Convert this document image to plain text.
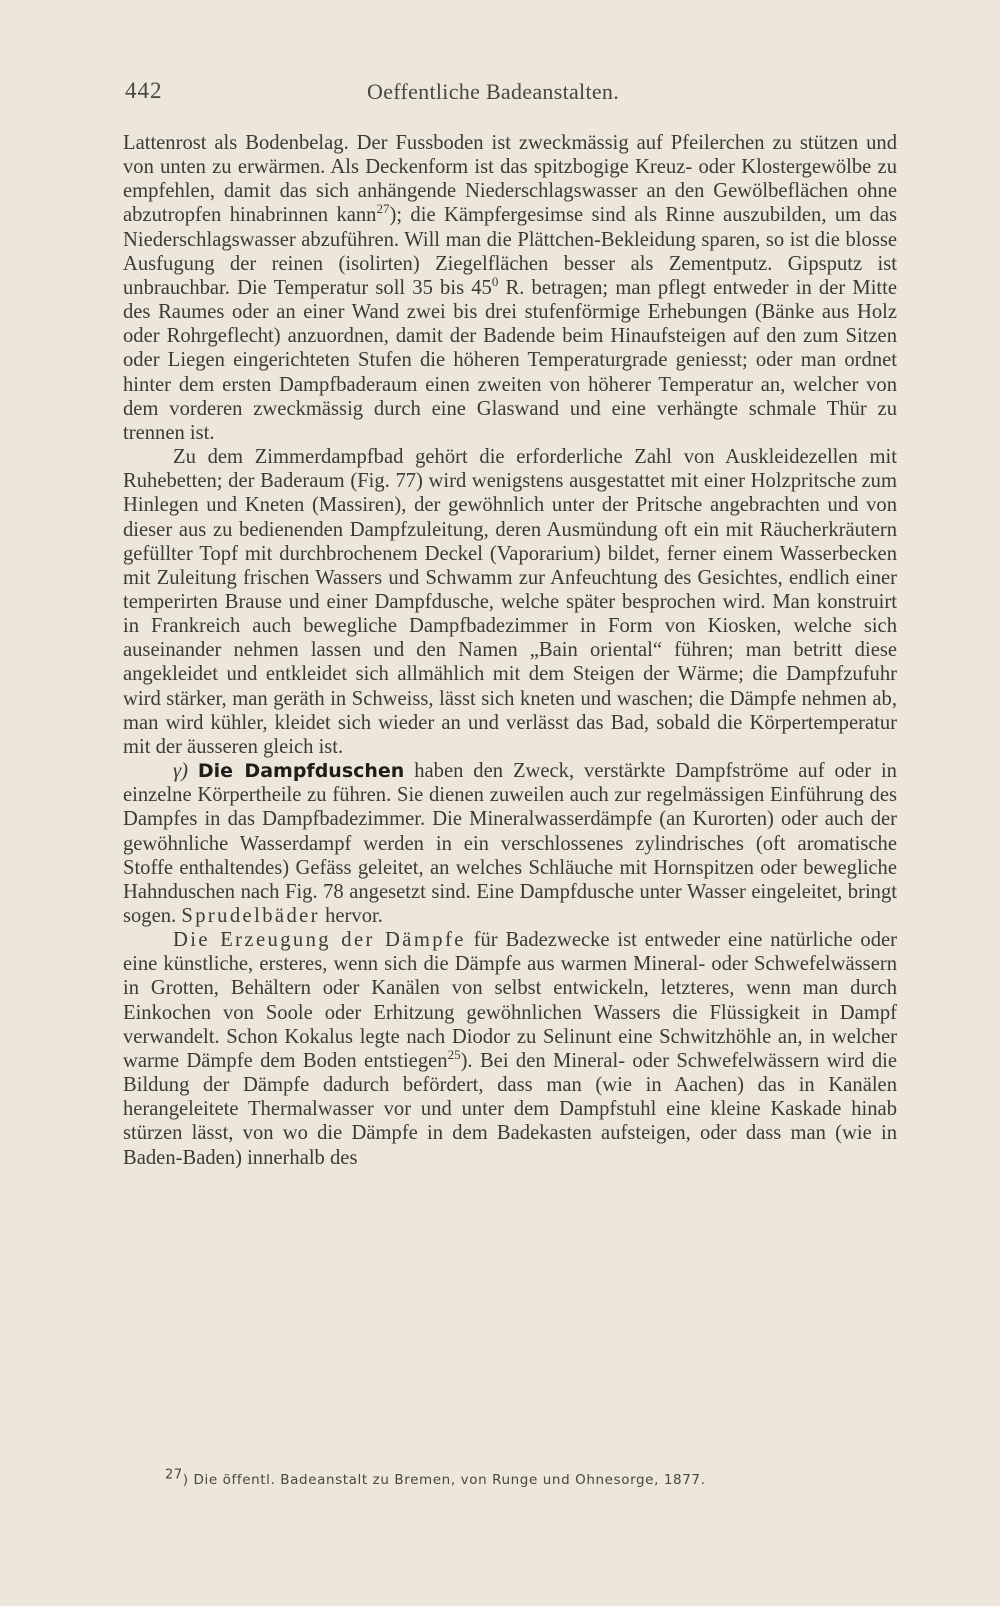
442	Oeffentliche Badeanstalten.

Lattenrost als Bodenbelag. Der Fussboden ist zweckmässig auf Pfeilerchen zu stützen und von unten zu erwärmen. Als Deckenform ist das spitzbogige Kreuz- oder Klostergewölbe zu empfehlen, damit das sich anhängende Niederschlagswasser an den Gewölbeflächen ohne abzutropfen hinabrinnen kann$^{27}$); die Kämpfergesimse sind als Rinne auszubilden, um das Niederschlagswasser abzuführen. Will man die Plättchen-Bekleidung sparen, so ist die blosse Ausfugung der reinen (isolirten) Ziegelflächen besser als Zementputz. Gipsputz ist unbrauchbar. Die Temperatur soll 35 bis $45^0$ R. betragen; man pflegt entweder in der Mitte des Raumes oder an einer Wand zwei bis drei stufenförmige Erhebungen (Bänke aus Holz oder Rohrgeflecht) anzuordnen, damit der Badende beim Hinaufsteigen auf den zum Sitzen oder Liegen eingerichteten Stufen die höheren Temperaturgrade geniesst; oder man ordnet hinter dem ersten Dampfbaderaum einen zweiten von höherer Temperatur an, welcher von dem vorderen zweckmässig durch eine Glaswand und eine verhängte schmale Thür zu trennen ist.

Zu dem Zimmerdampfbad gehört die erforderliche Zahl von Auskleidezellen mit Ruhebetten; der Baderaum (Fig. 77) wird wenigstens ausgestattet mit einer Holzpritsche zum Hinlegen und Kneten (Massiren), der gewöhnlich unter der Pritsche angebrachten und von dieser aus zu bedienenden Dampfzuleitung, deren Ausmündung oft ein mit Räucherkräutern gefüllter Topf mit durchbrochenem Deckel (Vaporarium) bildet, ferner einem Wasserbecken mit Zuleitung frischen Wassers und Schwamm zur Anfeuchtung des Gesichtes, endlich einer temperirten Brause und einer Dampfdusche, welche später besprochen wird. Man konstruirt in Frankreich auch bewegliche Dampfbadezimmer in Form von Kiosken, welche sich auseinander nehmen lassen und den Namen „Bain oriental“ führen; man betritt diese angekleidet und entkleidet sich allmählich mit dem Steigen der Wärme; die Dampfzufuhr wird stärker, man geräth in Schweiss, lässt sich kneten und waschen; die Dämpfe nehmen ab, man wird kühler, kleidet sich wieder an und verlässt das Bad, sobald die Körpertemperatur mit der äusseren gleich ist.

γ) Die Dampfduschen haben den Zweck, verstärkte Dampfströme auf oder in einzelne Körpertheile zu führen. Sie dienen zuweilen auch zur regelmässigen Einführung des Dampfes in das Dampfbadezimmer. Die Mineralwasserdämpfe (an Kurorten) oder auch der gewöhnliche Wasserdampf werden in ein verschlossenes zylindrisches (oft aromatische Stoffe enthaltendes) Gefäss geleitet, an welches Schläuche mit Hornspitzen oder bewegliche Hahnduschen nach Fig. 78 angesetzt sind. Eine Dampfdusche unter Wasser eingeleitet, bringt sogen. Sprudelbäder hervor.

Die Erzeugung der Dämpfe für Badezwecke ist entweder eine natürliche oder eine künstliche, ersteres, wenn sich die Dämpfe aus warmen Mineral- oder Schwefelwässern in Grotten, Behältern oder Kanälen von selbst entwickeln, letzteres, wenn man durch Einkochen von Soole oder Erhitzung gewöhnlichen Wassers die Flüssigkeit in Dampf verwandelt. Schon Kokalus legte nach Diodor zu Selinunt eine Schwitzhöhle an, in welcher warme Dämpfe dem Boden entstiegen$^{25}$). Bei den Mineral- oder Schwefelwässern wird die Bildung der Dämpfe dadurch befördert, dass man (wie in Aachen) das in Kanälen herangeleitete Thermalwasser vor und unter dem Dampfstuhl eine kleine Kaskade hinab stürzen lässt, von wo die Dämpfe in dem Badekasten aufsteigen, oder dass man (wie in Baden-Baden) innerhalb des

$^{27}$) Die öffentl. Badeanstalt zu Bremen, von Runge und Ohnesorge, 1877.
